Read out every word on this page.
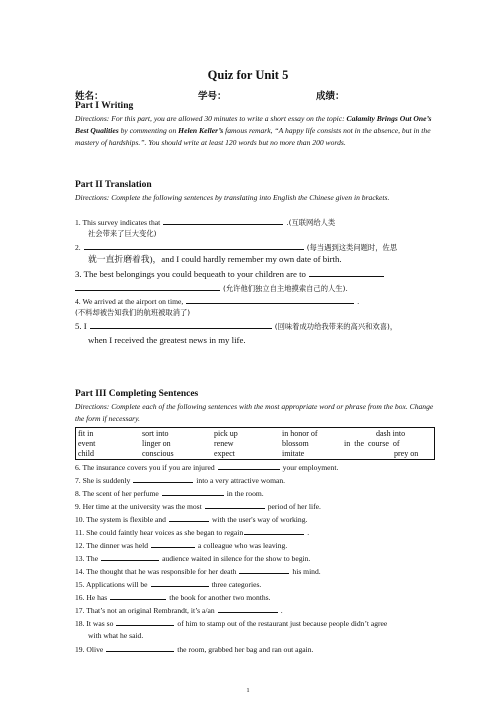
Quiz for Unit 5
姓名：	学号：	成绩：
Part I Writing
Directions: For this part, you are allowed 30 minutes to write a short essay on the topic: Calamity Brings Out One’s Best Qualities by commenting on Helen Keller’s famous remark, “A happy life consists not in the absence, but in the mastery of hardships.”. You should write at least 120 words but no more than 200 words.
Part II Translation
Directions: Complete the following sentences by translating into English the Chinese given in brackets.
1. This survey indicates that	.(互联网给人类
社会带来了巨大变化)
2.	(每当遇到这类问题时，佐思
就一直折磨着我)，and I could hardly remember my own date of birth.
3. The best belongings you could bequeath to your children are to
(允许他们独立自主地摸索自己的人生).
4. We arrived at the airport on time,	.
(不料却被告知我们的航班被取消了)
5. I	(回味着成功给我带来的高兴和欢喜)，
when I received the greatest news in my life.
Part III Completing Sentences
Directions: Complete each of the following sentences with the most appropriate word or phrase from the box. Change the form if necessary.
fit in	sort into	pick up	in honor of	dash into
event	linger on	renew	blossom	in  the  course  of
child	conscious	expect	imitate	prey on
6. The insurance covers you if you are injured	your employment.
7. She is suddenly	into a very attractive woman.
8. The scent of her perfume	in the room.
9. Her time at the university was the most	period of her life.
10. The system is flexible and	with the user's way of working.
11. She could faintly hear voices as she began to regain	.
12. The dinner was held	a colleague who was leaving.
13. The	audience waited in silence for the show to begin.
14. The thought that he was responsible for her death	his mind.
15. Applications will be	three categories.
16. He has	the book for another two months.
17. That’s not an original Rembrandt, it’s a/an	.
18. It was so	of him to stamp out of the restaurant just because people didn’t agree
with what he said.
19. Olive	the room, grabbed her bag and ran out again.
1
